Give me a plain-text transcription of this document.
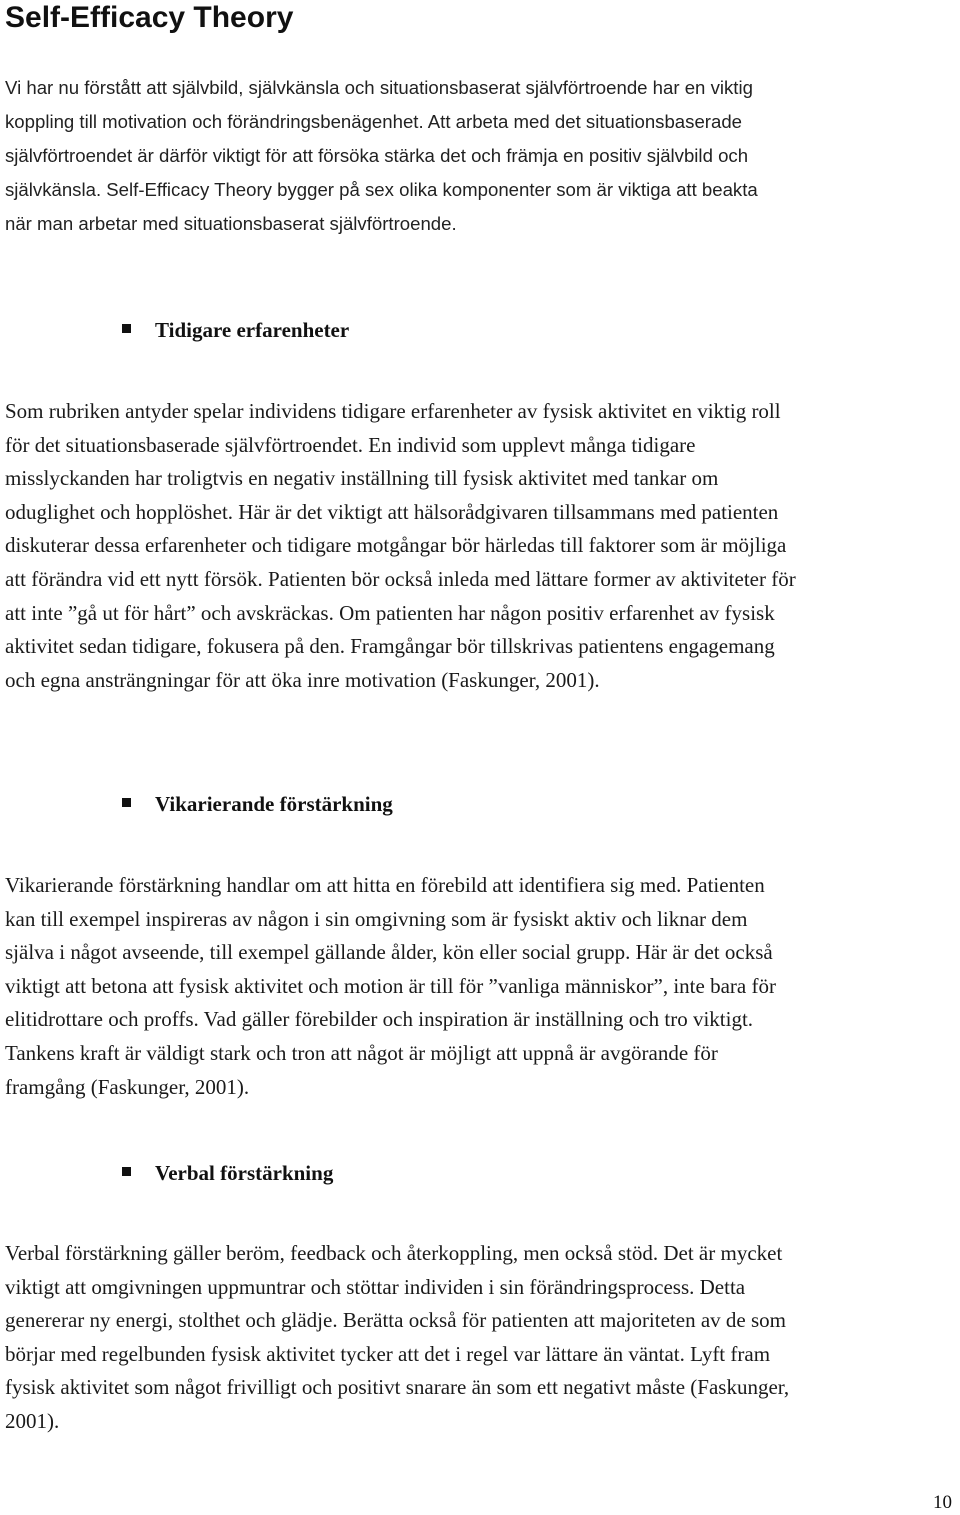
Self-Efficacy Theory
Vi har nu förstått att självbild, självkänsla och situationsbaserat självförtroende har en viktig
koppling till motivation och förändringsbenägenhet. Att arbeta med det situationsbaserade
självförtroendet är därför viktigt för att försöka stärka det och främja en positiv självbild och
självkänsla. Self-Efficacy Theory bygger på sex olika komponenter som är viktiga att beakta
när man arbetar med situationsbaserat självförtroende.
Tidigare erfarenheter
Som rubriken antyder spelar individens tidigare erfarenheter av fysisk aktivitet en viktig roll
för det situationsbaserade självförtroendet. En individ som upplevt många tidigare
misslyckanden har troligtvis en negativ inställning till fysisk aktivitet med tankar om
oduglighet och hopplöshet. Här är det viktigt att hälsorådgivaren tillsammans med patienten
diskuterar dessa erfarenheter och tidigare motgångar bör härledas till faktorer som är möjliga
att förändra vid ett nytt försök. Patienten bör också inleda med lättare former av aktiviteter för
att inte ”gå ut för hårt” och avskräckas. Om patienten har någon positiv erfarenhet av fysisk
aktivitet sedan tidigare, fokusera på den. Framgångar bör tillskrivas patientens engagemang
och egna ansträngningar för att öka inre motivation (Faskunger, 2001).
Vikarierande förstärkning
Vikarierande förstärkning handlar om att hitta en förebild att identifiera sig med. Patienten
kan till exempel inspireras av någon i sin omgivning som är fysiskt aktiv och liknar dem
själva i något avseende, till exempel gällande ålder, kön eller social grupp. Här är det också
viktigt att betona att fysisk aktivitet och motion är till för ”vanliga människor”, inte bara för
elitidrottare och proffs. Vad gäller förebilder och inspiration är inställning och tro viktigt.
Tankens kraft är väldigt stark och tron att något är möjligt att uppnå är avgörande för
framgång (Faskunger, 2001).
Verbal förstärkning
Verbal förstärkning gäller beröm, feedback och återkoppling, men också stöd. Det är mycket
viktigt att omgivningen uppmuntrar och stöttar individen i sin förändringsprocess. Detta
genererar ny energi, stolthet och glädje. Berätta också för patienten att majoriteten av de som
börjar med regelbunden fysisk aktivitet tycker att det i regel var lättare än väntat. Lyft fram
fysisk aktivitet som något frivilligt och positivt snarare än som ett negativt måste (Faskunger,
2001).
10
